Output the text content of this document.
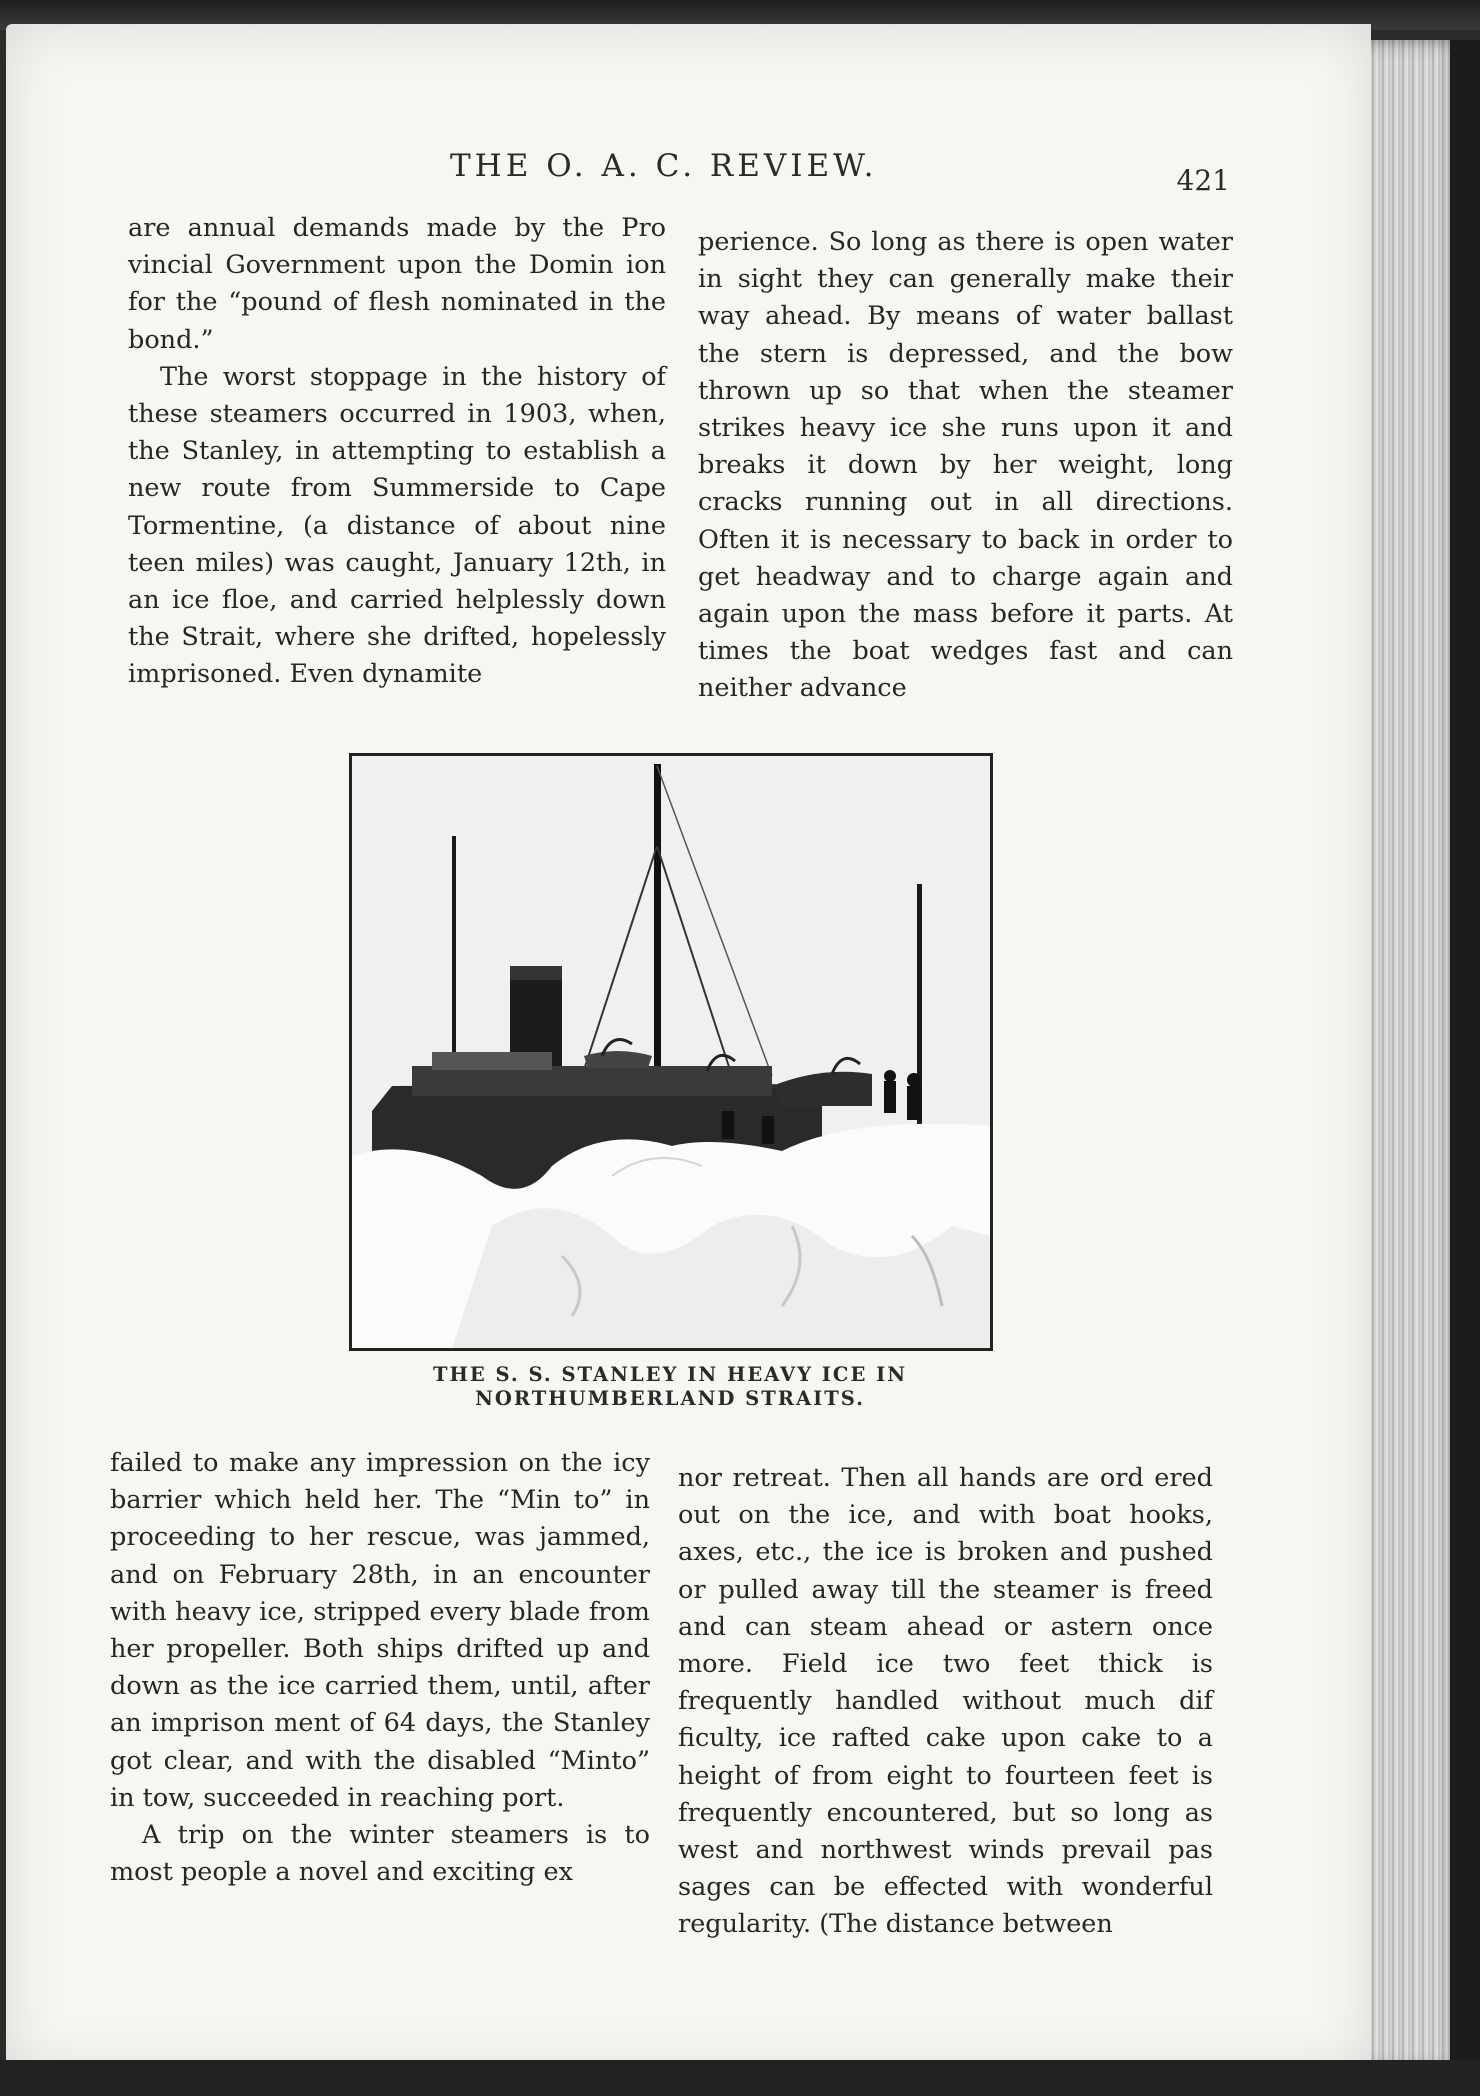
THE O. A. C. REVIEW.	421

are annual demands made by the Pro vincial Government upon the Domin ion for the “pound of flesh nominated in the bond.”

The worst stoppage in the history of these steamers occurred in 1903, when, the Stanley, in attempting to establish a new route from Summerside to Cape Tormentine, (a distance of about nine teen miles) was caught, January 12th, in an ice floe, and carried helplessly down the Strait, where she drifted, hopelessly imprisoned. Even dynamite

perience. So long as there is open water in sight they can generally make their way ahead. By means of water ballast the stern is depressed, and the bow thrown up so that when the steamer strikes heavy ice she runs upon it and breaks it down by her weight, long cracks running out in all directions. Often it is necessary to back in order to get headway and to charge again and again upon the mass before it parts. At times the boat wedges fast and can neither advance

THE S. S. STANLEY IN HEAVY ICE IN
NORTHUMBERLAND STRAITS.

failed to make any impression on the icy barrier which held her. The “Min to” in proceeding to her rescue, was jammed, and on February 28th, in an encounter with heavy ice, stripped every blade from her propeller. Both ships drifted up and down as the ice carried them, until, after an imprison ment of 64 days, the Stanley got clear, and with the disabled “Minto” in tow, succeeded in reaching port.

A trip on the winter steamers is to most people a novel and exciting ex

nor retreat. Then all hands are ord ered out on the ice, and with boat hooks, axes, etc., the ice is broken and pushed or pulled away till the steamer is freed and can steam ahead or astern once more. Field ice two feet thick is frequently handled without much dif ficulty, ice rafted cake upon cake to a height of from eight to fourteen feet is frequently encountered, but so long as west and northwest winds prevail pas sages can be effected with wonderful regularity. (The distance between
